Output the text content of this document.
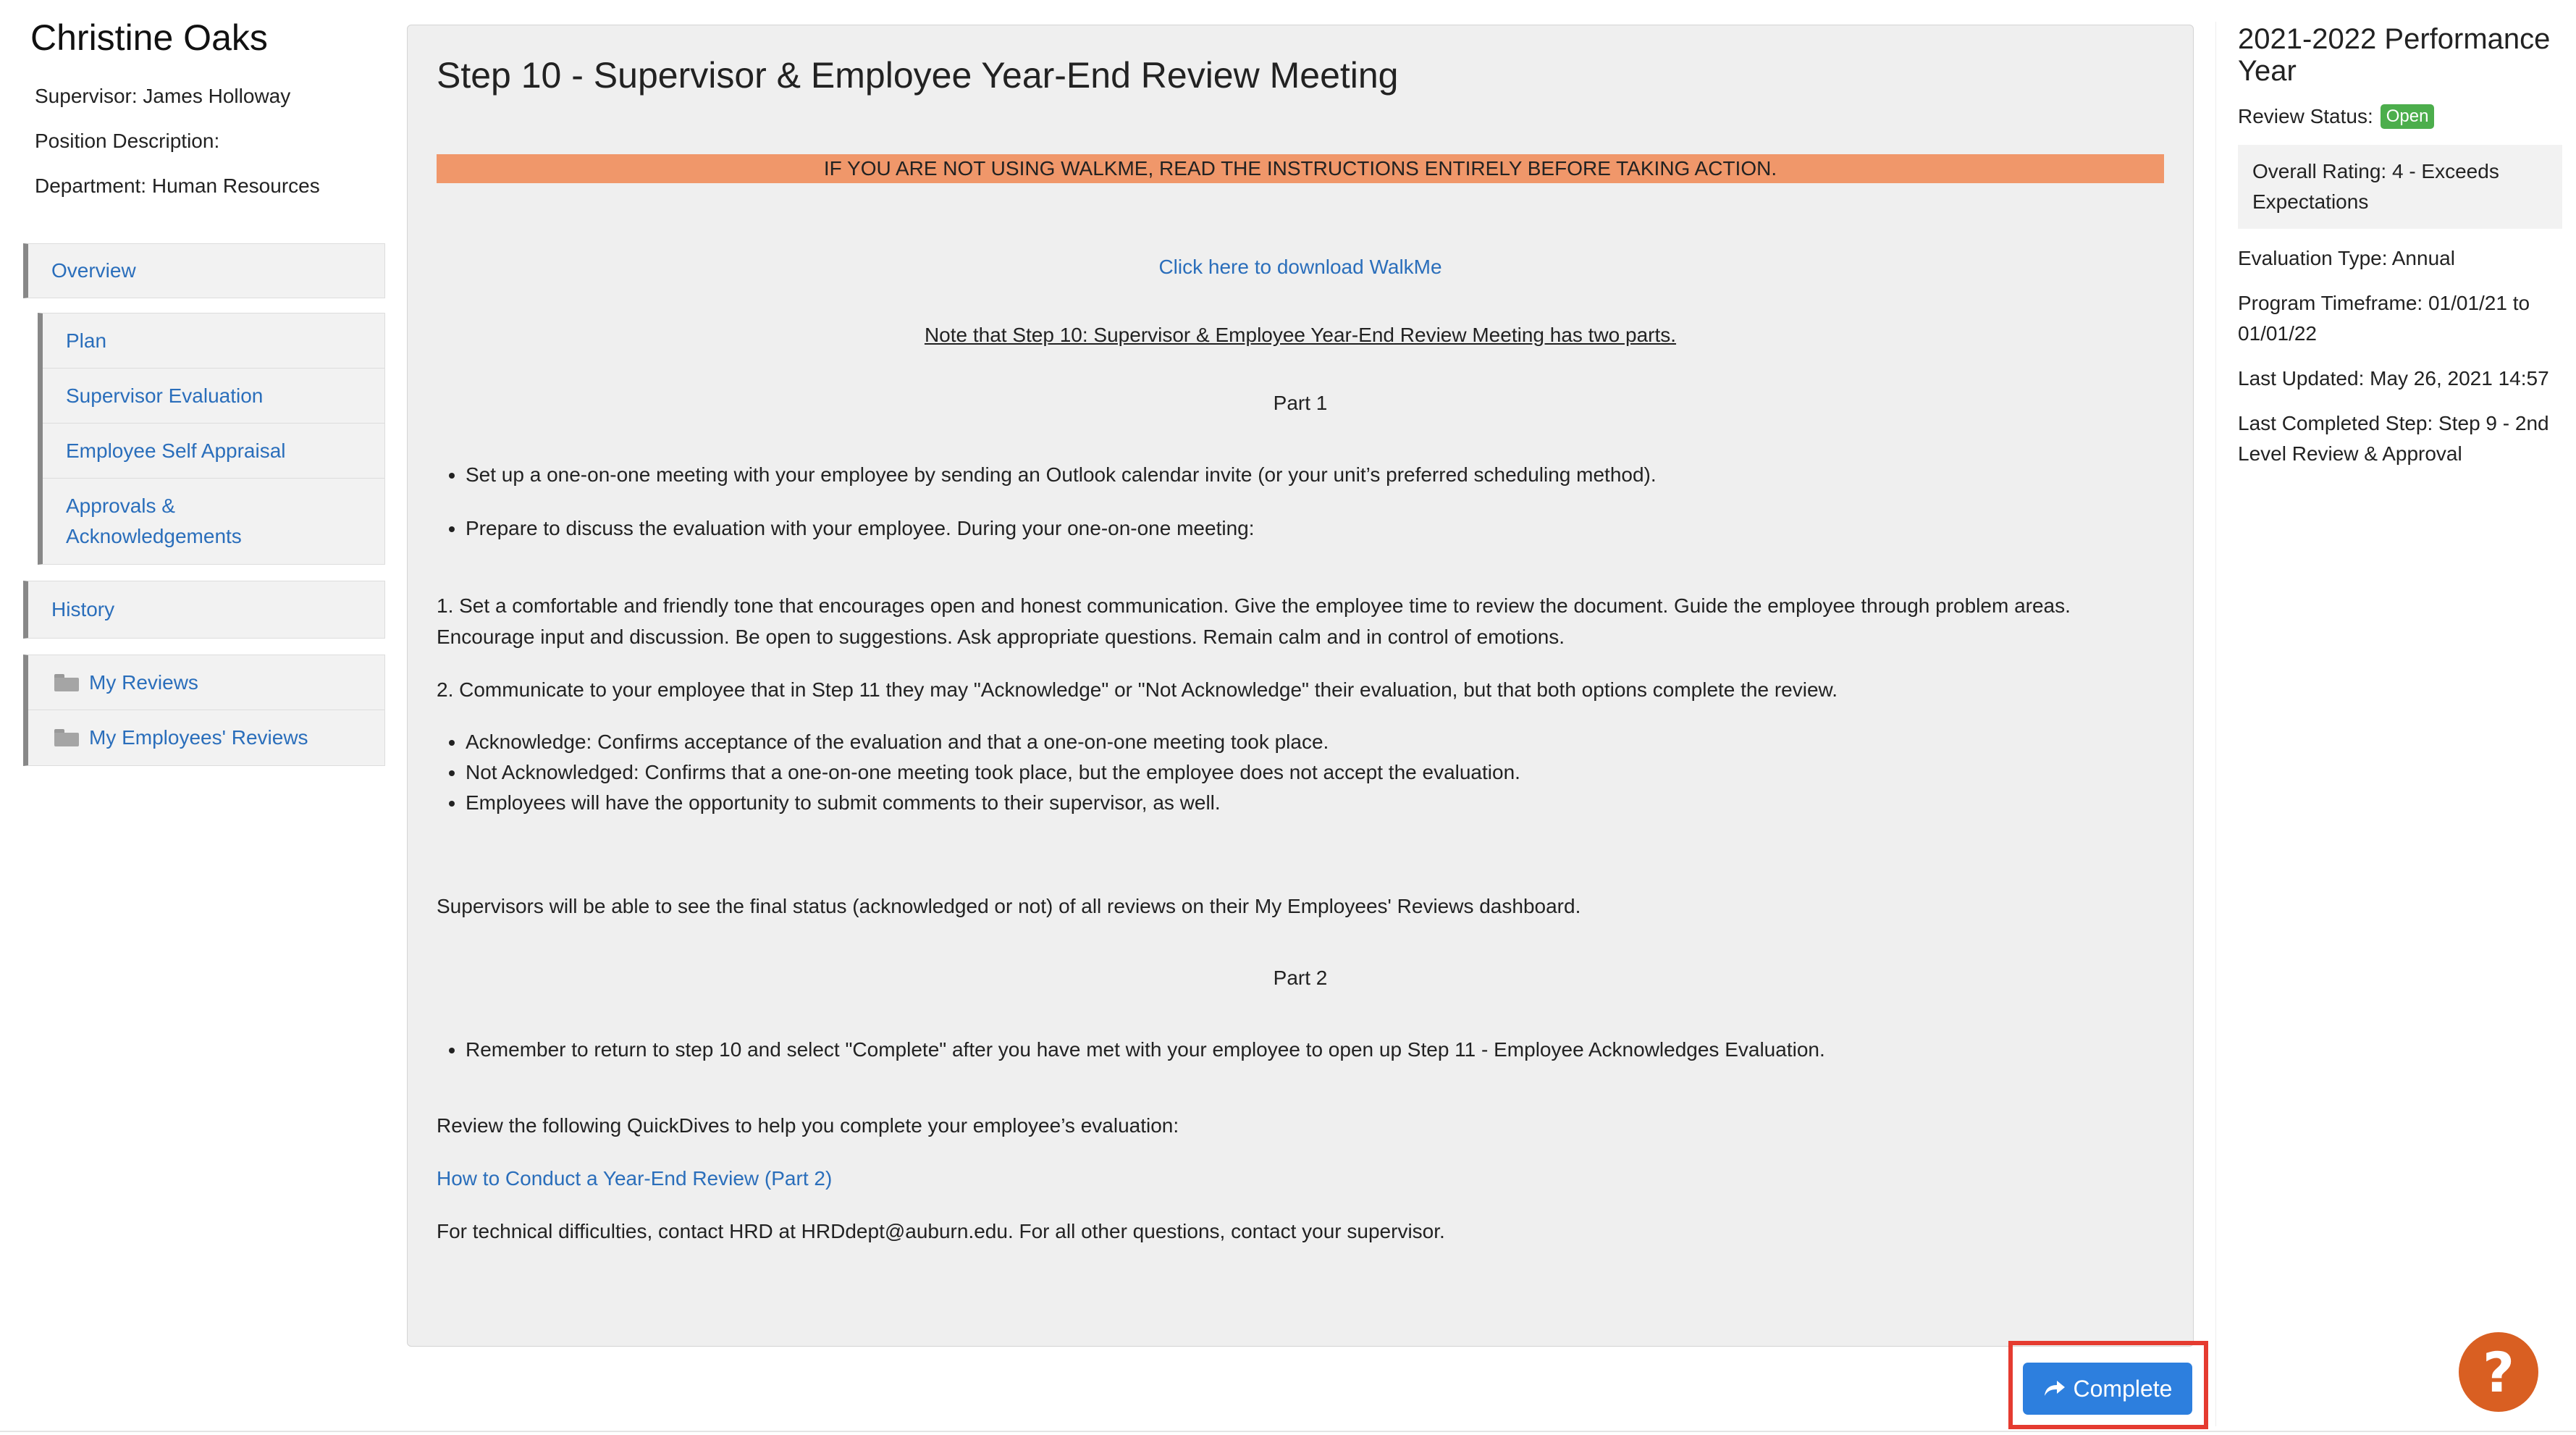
Christine Oaks
Supervisor: James Holloway
Position Description:
Department: Human Resources
Overview
Plan
Supervisor Evaluation
Employee Self Appraisal
Approvals &
Acknowledgements
History
My Reviews
My Employees' Reviews
Step 10 - Supervisor & Employee Year-End Review Meeting
IF YOU ARE NOT USING WALKME, READ THE INSTRUCTIONS ENTIRELY BEFORE TAKING ACTION.
Click here to download WalkMe
Note that Step 10: Supervisor & Employee Year-End Review Meeting has two parts.
Part 1
• Set up a one-on-one meeting with your employee by sending an Outlook calendar invite (or your unit’s preferred scheduling method).
• Prepare to discuss the evaluation with your employee. During your one-on-one meeting:
1. Set a comfortable and friendly tone that encourages open and honest communication. Give the employee time to review the document. Guide the employee through problem areas. Encourage input and discussion. Be open to suggestions. Ask appropriate questions. Remain calm and in control of emotions.
2. Communicate to your employee that in Step 11 they may "Acknowledge" or "Not Acknowledge" their evaluation, but that both options complete the review.
• Acknowledge: Confirms acceptance of the evaluation and that a one-on-one meeting took place.
• Not Acknowledged: Confirms that a one-on-one meeting took place, but the employee does not accept the evaluation.
• Employees will have the opportunity to submit comments to their supervisor, as well.
Supervisors will be able to see the final status (acknowledged or not) of all reviews on their My Employees' Reviews dashboard.
Part 2
• Remember to return to step 10 and select "Complete" after you have met with your employee to open up Step 11 - Employee Acknowledges Evaluation.
Review the following QuickDives to help you complete your employee’s evaluation:
How to Conduct a Year-End Review (Part 2)
For technical difficulties, contact HRD at HRDdept@auburn.edu. For all other questions, contact your supervisor.
2021-2022 Performance Year
Review Status: Open
Overall Rating: 4 - Exceeds Expectations
Evaluation Type: Annual
Program Timeframe: 01/01/21 to 01/01/22
Last Updated: May 26, 2021 14:57
Last Completed Step: Step 9 - 2nd Level Review & Approval
Complete	?
